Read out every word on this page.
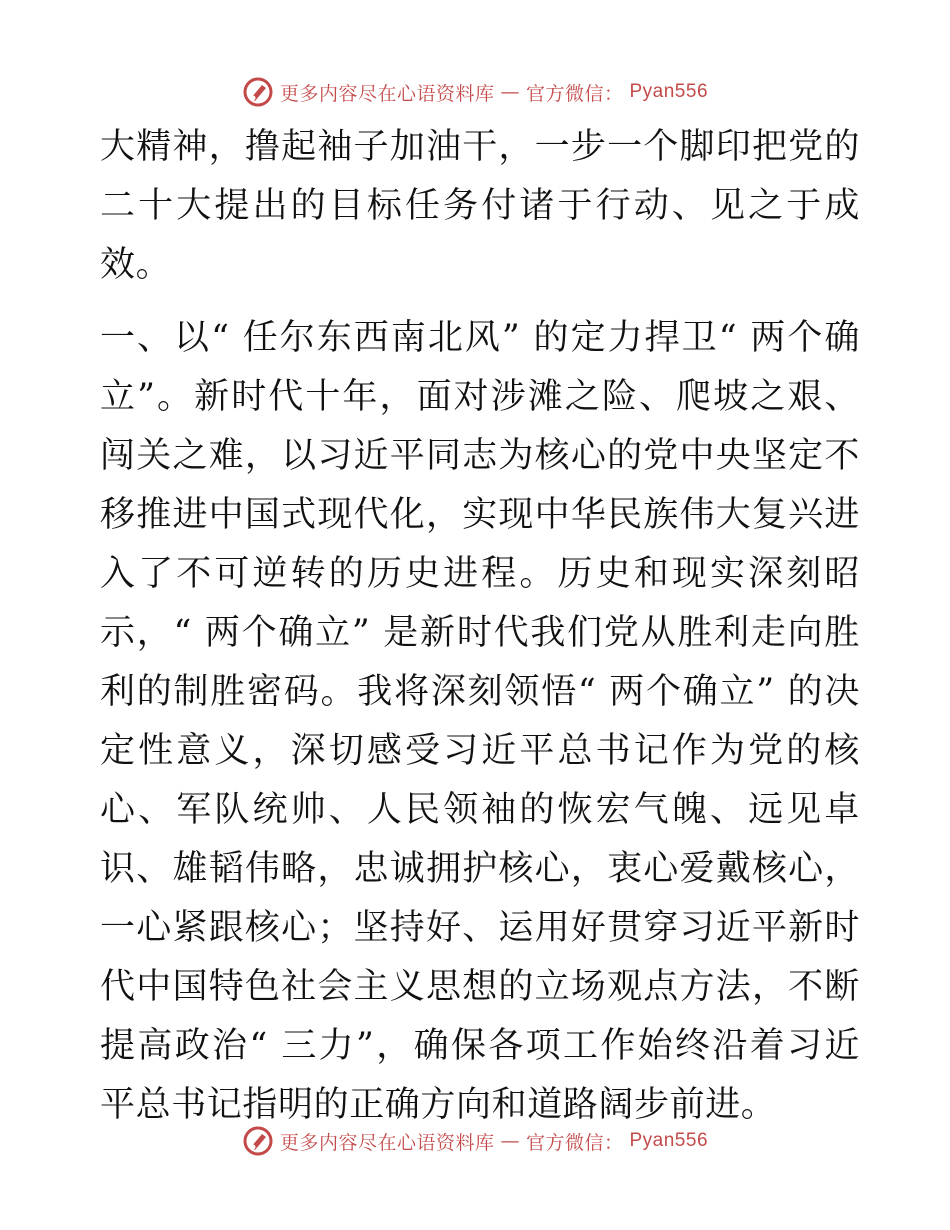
更多内容尽在心语资料库 — 官方微信： Pyan556

大精神，撸起袖子加油干，一步一个脚印把党的二十大提出的目标任务付诸于行动、见之于成效。

一、以“ 任尔东西南北风” 的定力捍卫“ 两个确立”。新时代十年，面对涉滩之险、爬坡之艰、闯关之难，以习近平同志为核心的党中央坚定不移推进中国式现代化，实现中华民族伟大复兴进入了不可逆转的历史进程。历史和现实深刻昭示，“ 两个确立” 是新时代我们党从胜利走向胜利的制胜密码。我将深刻领悟“ 两个确立” 的决定性意义，深切感受习近平总书记作为党的核心、军队统帅、人民领袖的恢宏气魄、远见卓识、雄韬伟略，忠诚拥护核心，衷心爱戴核心，一心紧跟核心；坚持好、运用好贯穿习近平新时代中国特色社会主义思想的立场观点方法，不断提高政治“ 三力”，确保各项工作始终沿着习近平总书记指明的正确方向和道路阔步前进。

更多内容尽在心语资料库 — 官方微信： Pyan556
